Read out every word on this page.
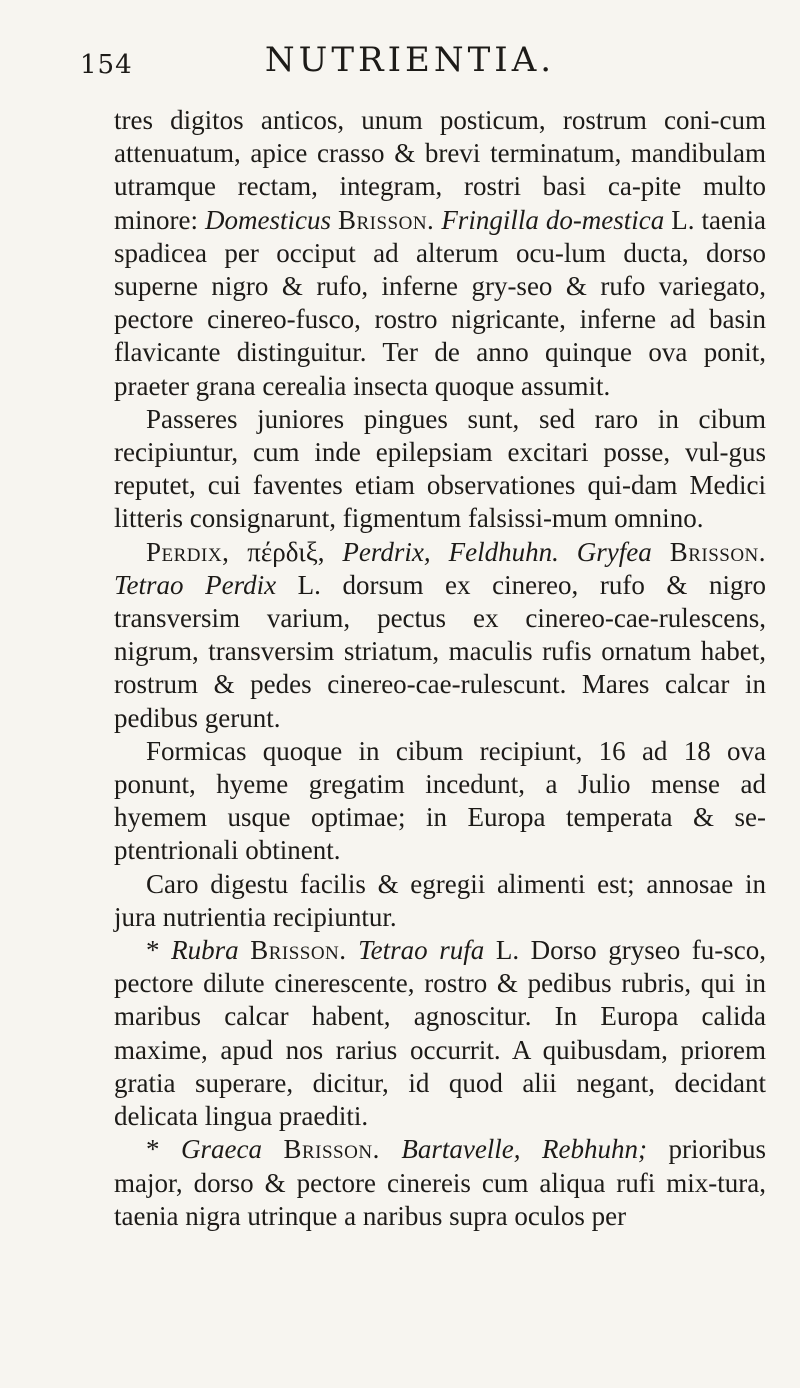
154	NUTRIENTIA.

tres digitos anticos, unum posticum, rostrum coni-cum attenuatum, apice crasso & brevi terminatum, mandibulam utramque rectam, integram, rostri basi ca-pite multo minore: Domesticus Brisson. Fringilla do-mestica L. taenia spadicea per occiput ad alterum ocu-lum ducta, dorso superne nigro & rufo, inferne gry-seo & rufo variegato, pectore cinereo-fusco, rostro nigricante, inferne ad basin flavicante distinguitur. Ter de anno quinque ova ponit, praeter grana cerealia insecta quoque assumit.

Passeres juniores pingues sunt, sed raro in cibum recipiuntur, cum inde epilepsiam excitari posse, vul-gus reputet, cui faventes etiam observationes qui-dam Medici litteris consignarunt, figmentum falsissi-mum omnino.

Perdix, πέρδιξ, Perdrix, Feldhuhn. Gryfea Brisson. Tetrao Perdix L. dorsum ex cinereo, rufo & nigro transversim varium, pectus ex cinereo-cae-rulescens, nigrum, transversim striatum, maculis rufis ornatum habet, rostrum & pedes cinereo-cae-rulescunt. Mares calcar in pedibus gerunt.

Formicas quoque in cibum recipiunt, 16 ad 18 ova ponunt, hyeme gregatim incedunt, a Julio mense ad hyemem usque optimae; in Europa temperata & se-ptentrionali obtinent.

Caro digestu facilis & egregii alimenti est; annosae in jura nutrientia recipiuntur.

* Rubra Brisson. Tetrao rufa L. Dorso gryseo fu-sco, pectore dilute cinerescente, rostro & pedibus rubris, qui in maribus calcar habent, agnoscitur. In Europa calida maxime, apud nos rarius occurrit. A quibusdam, priorem gratia superare, dicitur, id quod alii negant, decidant delicata lingua praediti.

* Graeca Brisson. Bartavelle, Rebhuhn; prioribus major, dorso & pectore cinereis cum aliqua rufi mix-tura, taenia nigra utrinque a naribus supra oculos per
